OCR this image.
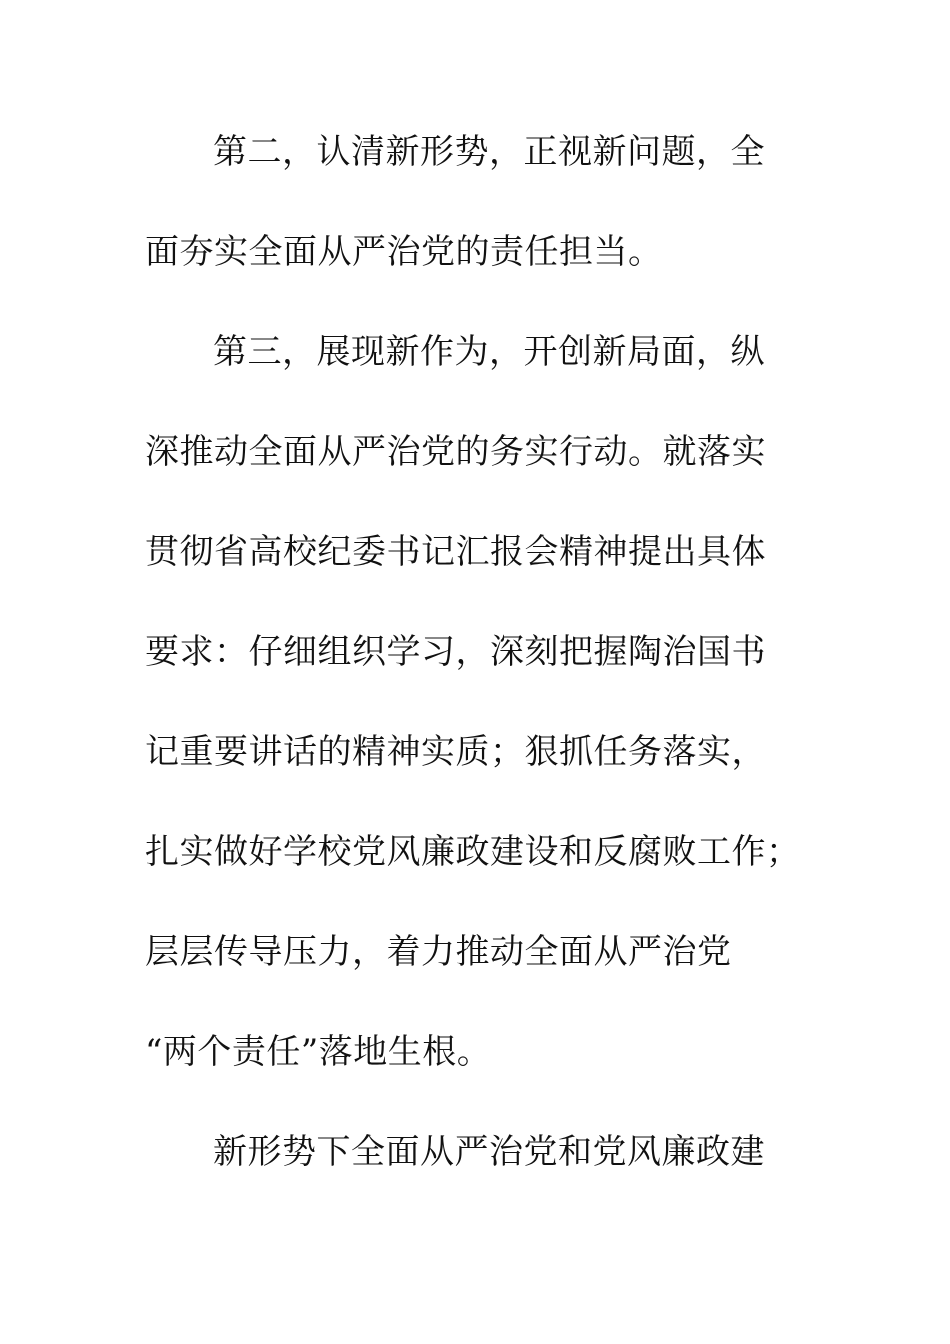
第二，认清新形势，正视新问题，全
面夯实全面从严治党的责任担当。
第三，展现新作为，开创新局面，纵
深推动全面从严治党的务实行动。就落实
贯彻省高校纪委书记汇报会精神提出具体
要求：仔细组织学习，深刻把握陶治国书
记重要讲话的精神实质；狠抓任务落实，
扎实做好学校党风廉政建设和反腐败工作；
层层传导压力，着力推动全面从严治党
“两个责任”落地生根。
新形势下全面从严治党和党风廉政建
